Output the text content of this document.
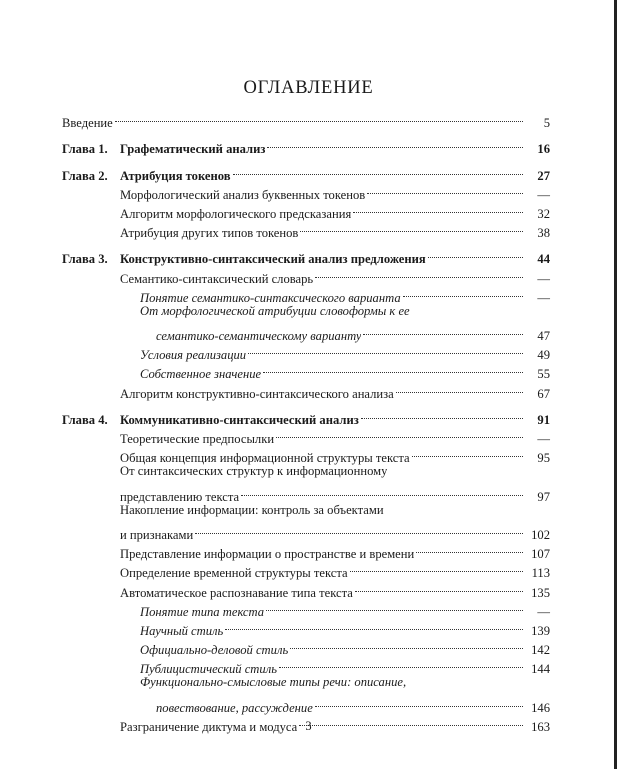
ОГЛАВЛЕНИЕ
Введение	5
Глава 1. Графематический анализ	16
Глава 2. Атрибуция токенов	27
Морфологический анализ буквенных токенов	—
Алгоритм морфологического предсказания	32
Атрибуция других типов токенов	38
Глава 3. Конструктивно-синтаксический анализ предложения	44
Семантико-синтаксический словарь	—
Понятие семантико-синтаксического варианта	—
От морфологической атрибуции словоформы к ее
семантико-семантическому варианту	47
Условия реализации	49
Собственное значение	55
Алгоритм конструктивно-синтаксического анализа	67
Глава 4. Коммуникативно-синтаксический анализ	91
Теоретические предпосылки	—
Общая концепция информационной структуры текста	95
От синтаксических структур к информационному
представлению текста	97
Накопление информации: контроль за объектами
и признаками	102
Представление информации о пространстве и времени	107
Определение временной структуры текста	113
Автоматическое распознавание типа текста	135
Понятие типа текста	—
Научный стиль	139
Официально-деловой стиль	142
Публицистический стиль	144
Функционально-смысловые типы речи: описание,
повествование, рассуждение	146
Разграничение диктума и модуса	163
3
